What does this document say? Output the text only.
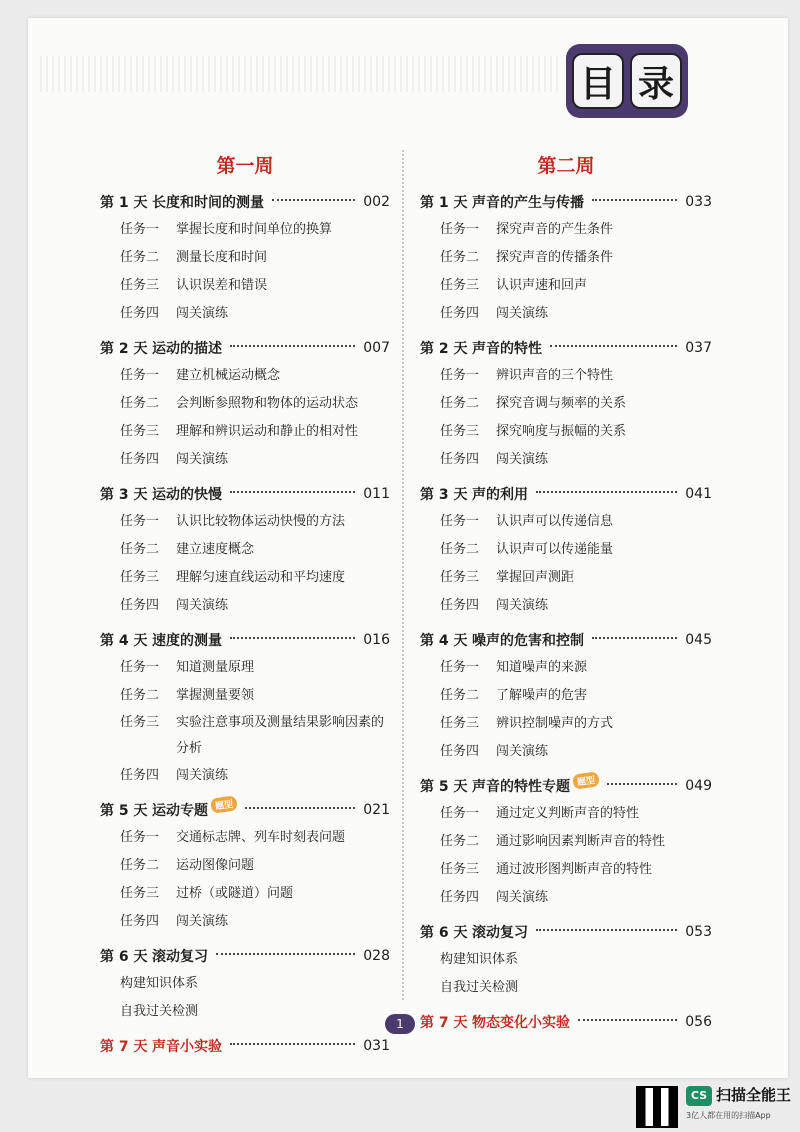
目 录
第一周
第 1 天 长度和时间的测量	002
任务一	掌握长度和时间单位的换算
任务二	测量长度和时间
任务三	认识误差和错误
任务四	闯关演练
第 2 天 运动的描述	007
任务一	建立机械运动概念
任务二	会判断参照物和物体的运动状态
任务三	理解和辨识运动和静止的相对性
任务四	闯关演练
第 3 天 运动的快慢	011
任务一	认识比较物体运动快慢的方法
任务二	建立速度概念
任务三	理解匀速直线运动和平均速度
任务四	闯关演练
第 4 天 速度的测量	016
任务一	知道测量原理
任务二	掌握测量要领
任务三	实验注意事项及测量结果影响因素的分析
任务四	闯关演练
第 5 天 运动专题 题型	021
任务一	交通标志牌、列车时刻表问题
任务二	运动图像问题
任务三	过桥（或隧道）问题
任务四	闯关演练
第 6 天 滚动复习	028
构建知识体系
自我过关检测
第 7 天 声音小实验	031
第二周
第 1 天 声音的产生与传播	033
任务一	探究声音的产生条件
任务二	探究声音的传播条件
任务三	认识声速和回声
任务四	闯关演练
第 2 天 声音的特性	037
任务一	辨识声音的三个特性
任务二	探究音调与频率的关系
任务三	探究响度与振幅的关系
任务四	闯关演练
第 3 天 声的利用	041
任务一	认识声可以传递信息
任务二	认识声可以传递能量
任务三	掌握回声测距
任务四	闯关演练
第 4 天 噪声的危害和控制	045
任务一	知道噪声的来源
任务二	了解噪声的危害
任务三	辨识控制噪声的方式
任务四	闯关演练
第 5 天 声音的特性专题 题型	049
任务一	通过定义判断声音的特性
任务二	通过影响因素判断声音的特性
任务三	通过波形图判断声音的特性
任务四	闯关演练
第 6 天 滚动复习	053
构建知识体系
自我过关检测
第 7 天 物态变化小实验	056
1
CS 扫描全能王
3亿人都在用的扫描App
